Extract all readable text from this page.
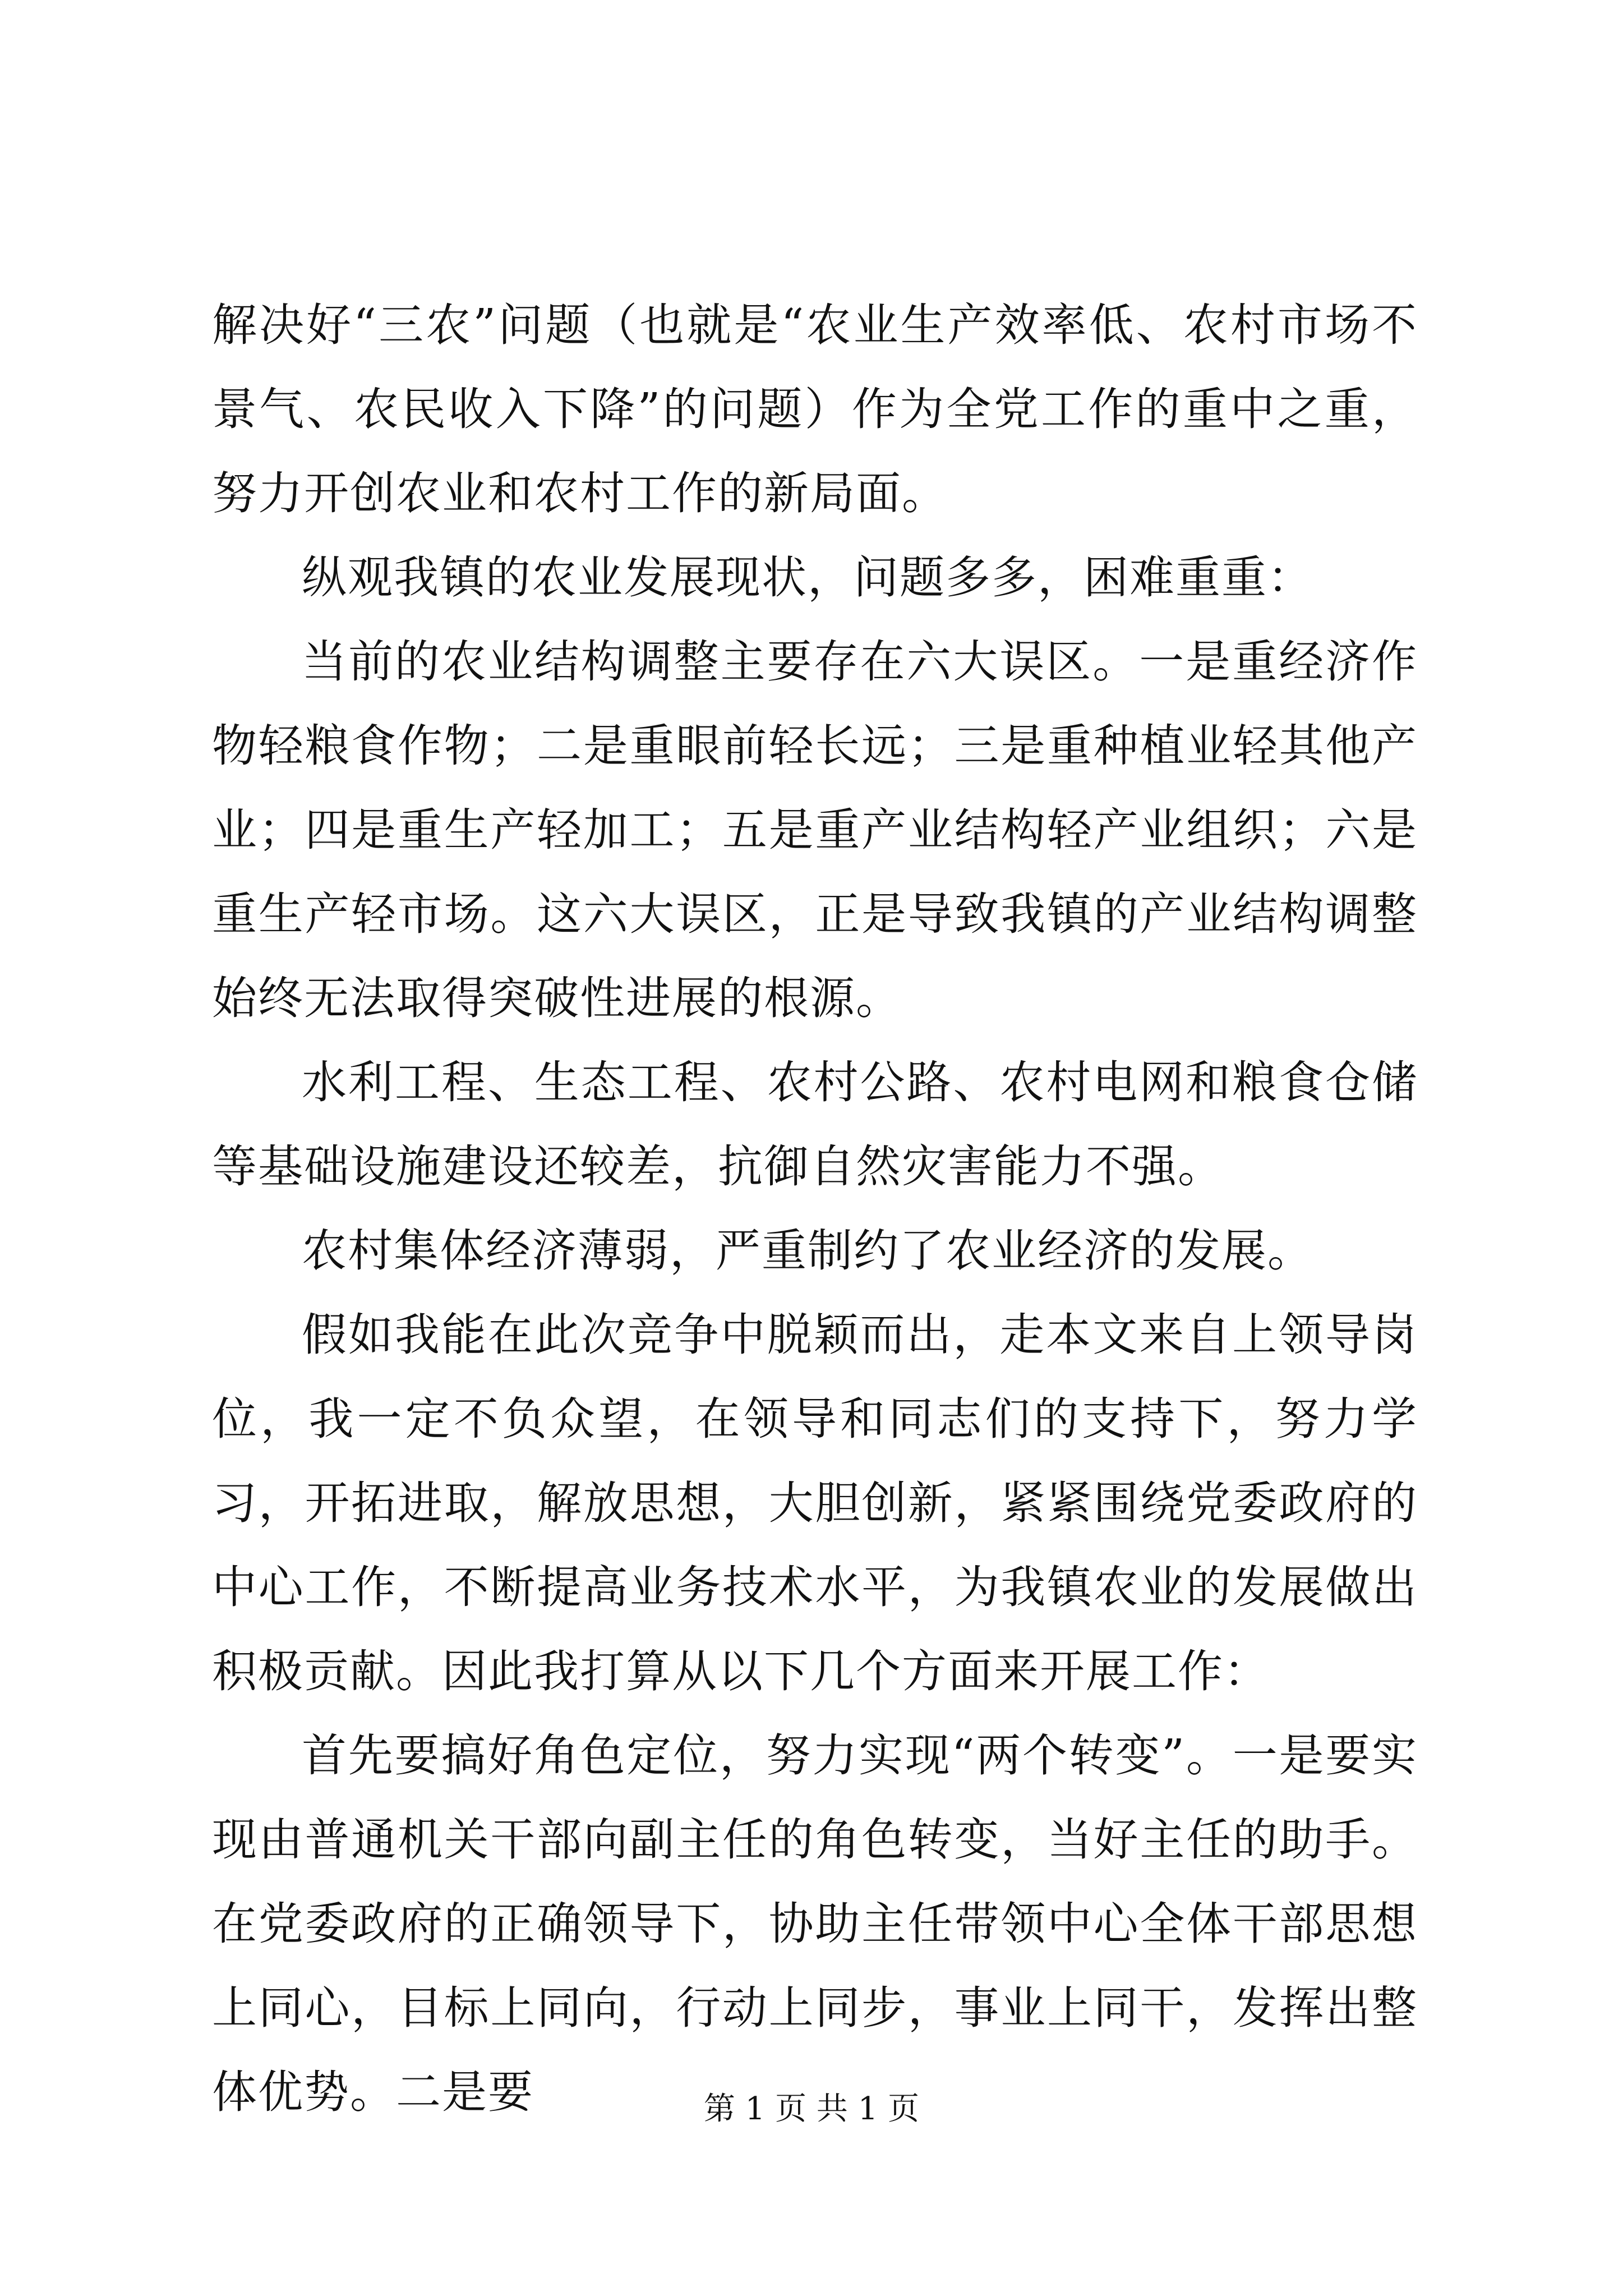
解决好“三农”问题（也就是“农业生产效率低、农村市场不景气、农民收入下降”的问题）作为全党工作的重中之重，努力开创农业和农村工作的新局面。

纵观我镇的农业发展现状，问题多多，困难重重：

当前的农业结构调整主要存在六大误区。一是重经济作物轻粮食作物；二是重眼前轻长远；三是重种植业轻其他产业；四是重生产轻加工；五是重产业结构轻产业组织；六是重生产轻市场。这六大误区，正是导致我镇的产业结构调整始终无法取得突破性进展的根源。

水利工程、生态工程、农村公路、农村电网和粮食仓储等基础设施建设还较差，抗御自然灾害能力不强。

农村集体经济薄弱，严重制约了农业经济的发展。

假如我能在此次竞争中脱颖而出，走本文来自上领导岗位，我一定不负众望，在领导和同志们的支持下，努力学习，开拓进取，解放思想，大胆创新，紧紧围绕党委政府的中心工作，不断提高业务技术水平，为我镇农业的发展做出积极贡献。因此我打算从以下几个方面来开展工作：

首先要搞好角色定位，努力实现“两个转变”。一是要实现由普通机关干部向副主任的角色转变，当好主任的助手。在党委政府的正确领导下，协助主任带领中心全体干部思想上同心，目标上同向，行动上同步，事业上同干，发挥出整体优势。二是要	第 1 页 共 1 页
